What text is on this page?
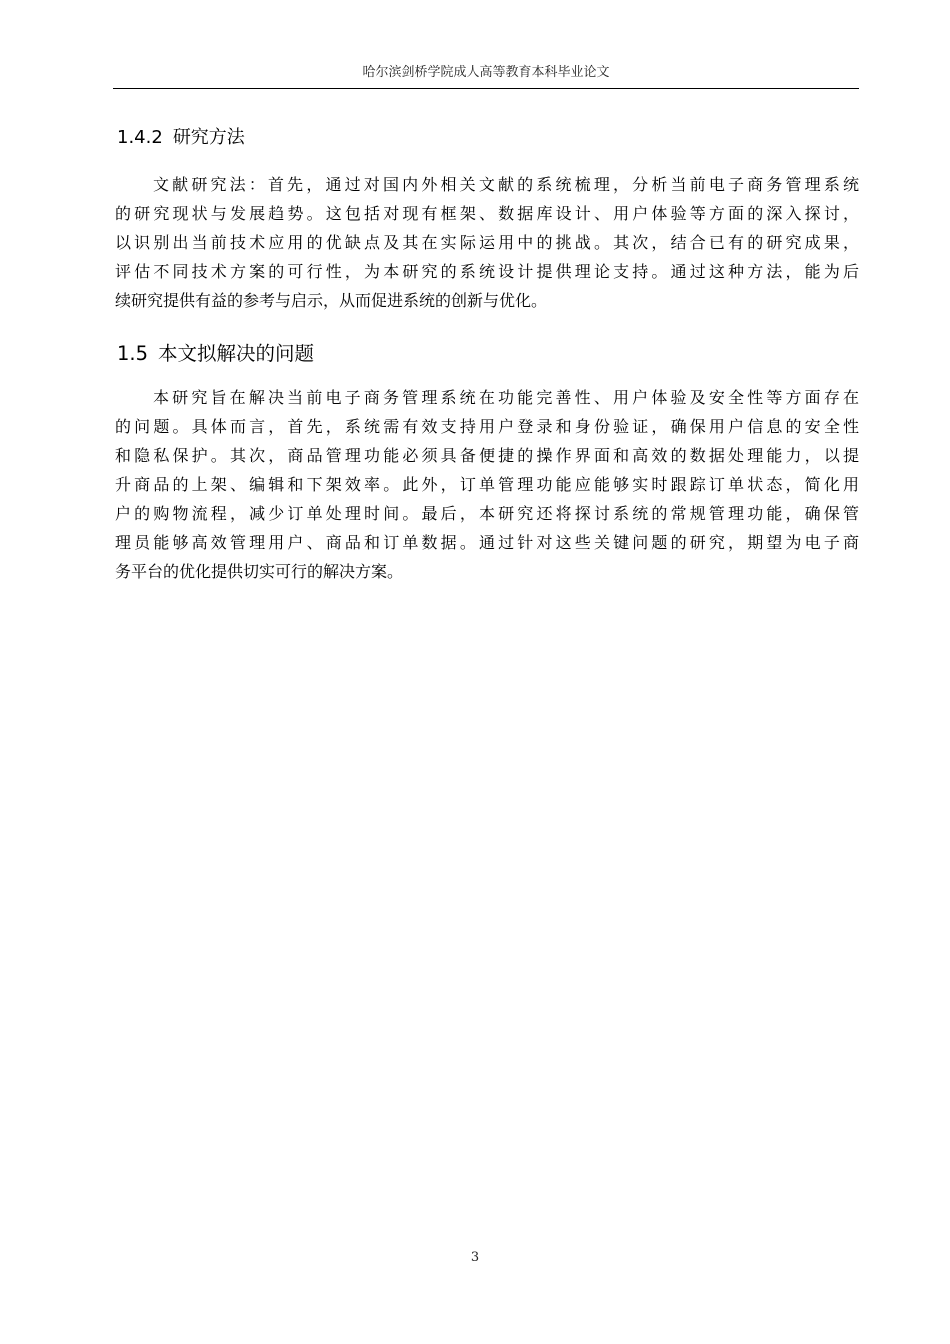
哈尔滨剑桥学院成人高等教育本科毕业论文
1.4.2 研究方法

文献研究法：首先，通过对国内外相关文献的系统梳理，分析当前电子商务管理系统
的研究现状与发展趋势。这包括对现有框架、数据库设计、用户体验等方面的深入探讨，
以识别出当前技术应用的优缺点及其在实际运用中的挑战。其次，结合已有的研究成果，
评估不同技术方案的可行性，为本研究的系统设计提供理论支持。通过这种方法，能为后
续研究提供有益的参考与启示，从而促进系统的创新与优化。

1.5 本文拟解决的问题

本研究旨在解决当前电子商务管理系统在功能完善性、用户体验及安全性等方面存在
的问题。具体而言，首先，系统需有效支持用户登录和身份验证，确保用户信息的安全性
和隐私保护。其次，商品管理功能必须具备便捷的操作界面和高效的数据处理能力，以提
升商品的上架、编辑和下架效率。此外，订单管理功能应能够实时跟踪订单状态，简化用
户的购物流程，减少订单处理时间。最后，本研究还将探讨系统的常规管理功能，确保管
理员能够高效管理用户、商品和订单数据。通过针对这些关键问题的研究，期望为电子商
务平台的优化提供切实可行的解决方案。

3
